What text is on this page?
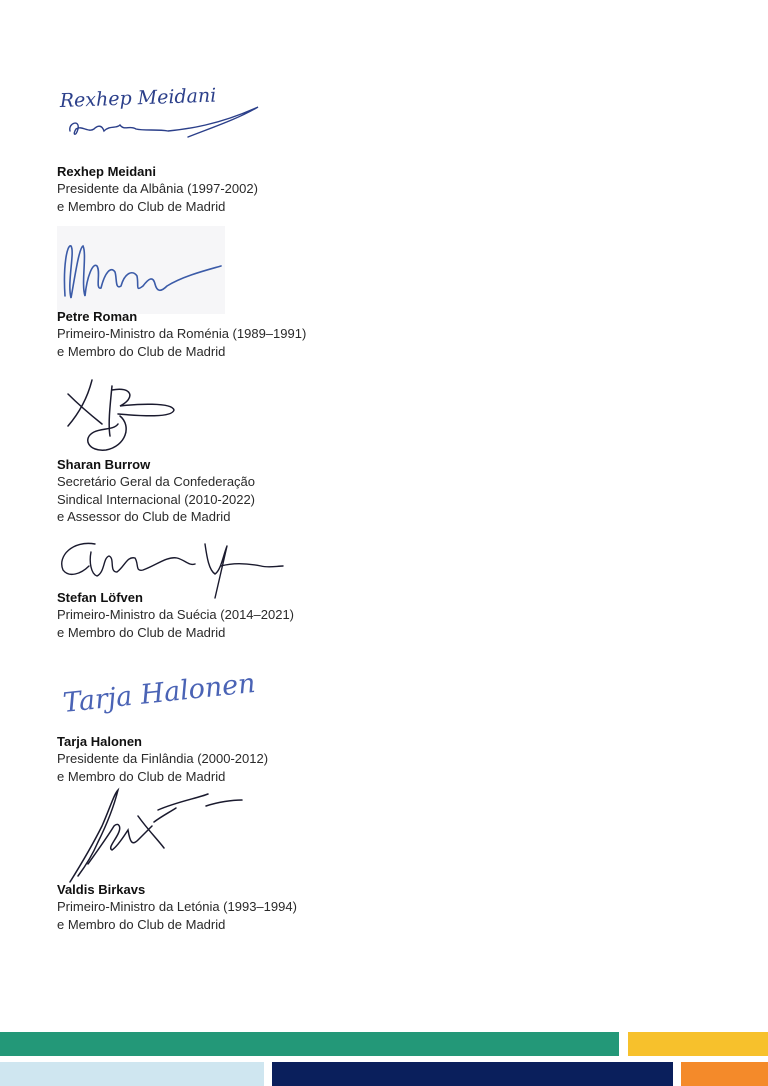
Rexhep Meidani
Rexhep Meidani
Presidente da Albânia (1997-2002)
e Membro do Club de Madrid
Petre Roman
Primeiro-Ministro da Roménia (1989–1991)
e Membro do Club de Madrid
Sharan Burrow
Secretário Geral da Confederação
Sindical Internacional (2010-2022)
e Assessor do Club de Madrid
Stefan Löfven
Primeiro-Ministro da Suécia (2014–2021)
e Membro do Club de Madrid
Tarja Halonen
Tarja Halonen
Presidente da Finlândia (2000-2012)
e Membro do Club de Madrid
Valdis Birkavs
Primeiro-Ministro da Letónia (1993–1994)
e Membro do Club de Madrid
